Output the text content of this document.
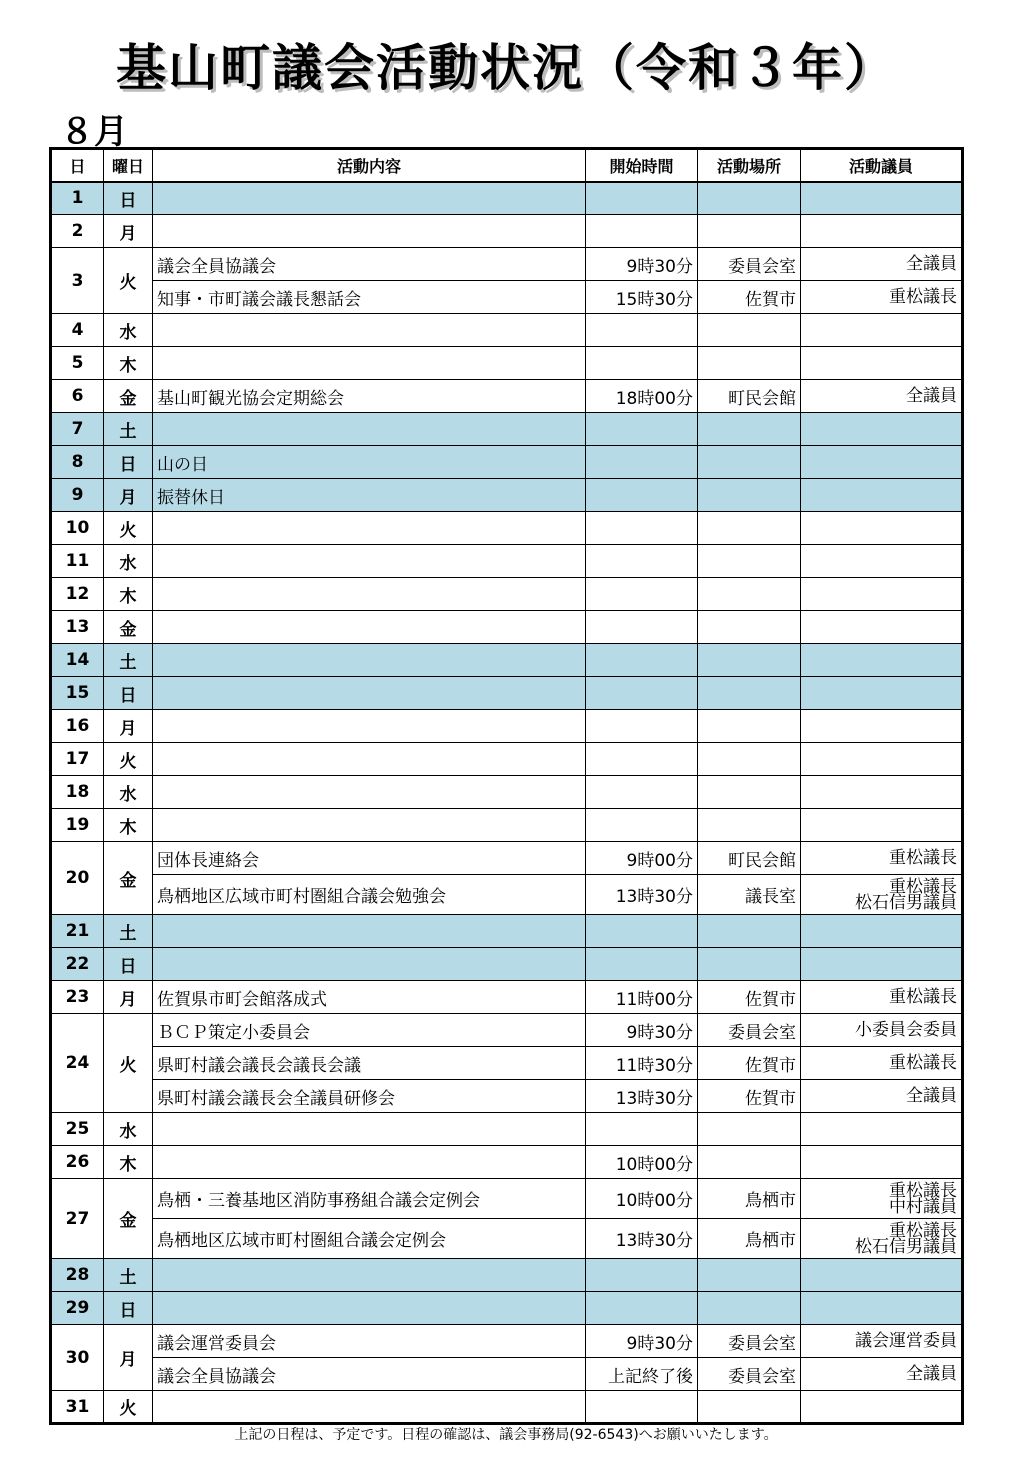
基山町議会活動状況（令和３年）
８月
日	曜日	活動内容	開始時間	活動場所	活動議員
1	日				
2	月				
3	火	議会全員協議会	9時30分	委員会室	全議員

		知事・市町議会議長懇話会	15時30分	佐賀市	重松議長

4	水				
5	木				
6	金	基山町観光協会定期総会	18時00分	町民会館	全議員

7	土				
8	日	山の日			
9	月	振替休日			
10	火				
11	水				
12	木				
13	金				
14	土				
15	日				
16	月				
17	火				
18	水				
19	木				
20	金	団体長連絡会	9時00分	町民会館	重松議長

		鳥栖地区広域市町村圏組合議会勉強会	13時30分	議長室	重松議長
松石信男議員

21	土				
22	日				
23	月	佐賀県市町会館落成式	11時00分	佐賀市	重松議長

24	火	ＢＣＰ策定小委員会	9時30分	委員会室	小委員会委員

		県町村議会議長会議長会議	11時30分	佐賀市	重松議長

		県町村議会議長会全議員研修会	13時30分	佐賀市	全議員

25	水				
26	木		10時00分		
27	金	鳥栖・三養基地区消防事務組合議会定例会	10時00分	鳥栖市	重松議長
中村議員

		鳥栖地区広域市町村圏組合議会定例会	13時30分	鳥栖市	重松議長
松石信男議員

28	土				
29	日				
30	月	議会運営委員会	9時30分	委員会室	議会運営委員

		議会全員協議会	上記終了後	委員会室	全議員

31	火				
上記の日程は、予定です。日程の確認は、議会事務局(92-6543)へお願いいたします。
